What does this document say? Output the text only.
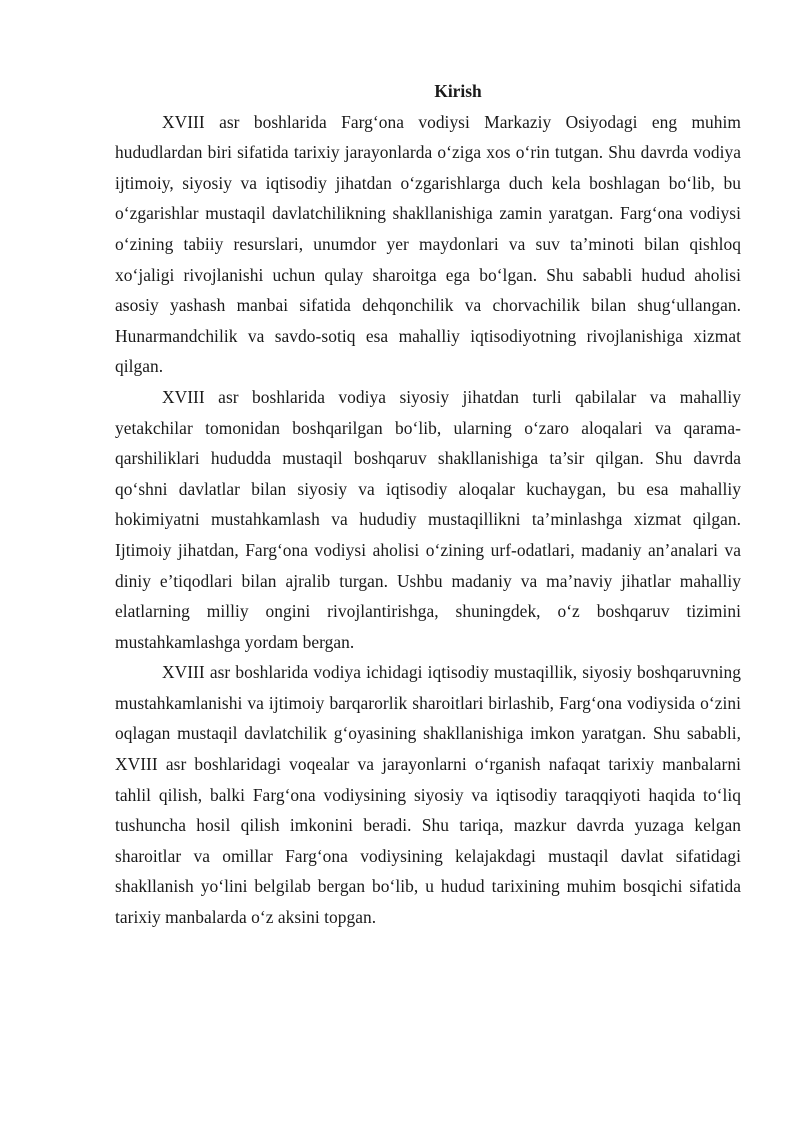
Kirish

XVIII asr boshlarida Farg‘ona vodiysi Markaziy Osiyodagi eng muhim hududlardan biri sifatida tarixiy jarayonlarda o‘ziga xos o‘rin tutgan. Shu davrda vodiya ijtimoiy, siyosiy va iqtisodiy jihatdan o‘zgarishlarga duch kela boshlagan bo‘lib, bu o‘zgarishlar mustaqil davlatchilikning shakllanishiga zamin yaratgan. Farg‘ona vodiysi o‘zining tabiiy resurslari, unumdor yer maydonlari va suv ta’minoti bilan qishloq xo‘jaligi rivojlanishi uchun qulay sharoitga ega bo‘lgan. Shu sababli hudud aholisi asosiy yashash manbai sifatida dehqonchilik va chorvachilik bilan shug‘ullangan. Hunarmandchilik va savdo-sotiq esa mahalliy iqtisodiyotning rivojlanishiga xizmat qilgan.

XVIII asr boshlarida vodiya siyosiy jihatdan turli qabilalar va mahalliy yetakchilar tomonidan boshqarilgan bo‘lib, ularning o‘zaro aloqalari va qarama-qarshiliklari hududda mustaqil boshqaruv shakllanishiga ta’sir qilgan. Shu davrda qo‘shni davlatlar bilan siyosiy va iqtisodiy aloqalar kuchaygan, bu esa mahalliy hokimiyatni mustahkamlash va hududiy mustaqillikni ta’minlashga xizmat qilgan. Ijtimoiy jihatdan, Farg‘ona vodiysi aholisi o‘zining urf-odatlari, madaniy an’analari va diniy e’tiqodlari bilan ajralib turgan. Ushbu madaniy va ma’naviy jihatlar mahalliy elatlarning milliy ongini rivojlantirishga, shuningdek, o‘z boshqaruv tizimini mustahkamlashga yordam bergan.

XVIII asr boshlarida vodiya ichidagi iqtisodiy mustaqillik, siyosiy boshqaruvning mustahkamlanishi va ijtimoiy barqarorlik sharoitlari birlashib, Farg‘ona vodiysida o‘zini oqlagan mustaqil davlatchilik g‘oyasining shakllanishiga imkon yaratgan. Shu sababli, XVIII asr boshlaridagi voqealar va jarayonlarni o‘rganish nafaqat tarixiy manbalarni tahlil qilish, balki Farg‘ona vodiysining siyosiy va iqtisodiy taraqqiyoti haqida to‘liq tushuncha hosil qilish imkonini beradi. Shu tariqa, mazkur davrda yuzaga kelgan sharoitlar va omillar Farg‘ona vodiysining kelajakdagi mustaqil davlat sifatidagi shakllanish yo‘lini belgilab bergan bo‘lib, u hudud tarixining muhim bosqichi sifatida tarixiy manbalarda o‘z aksini topgan.
